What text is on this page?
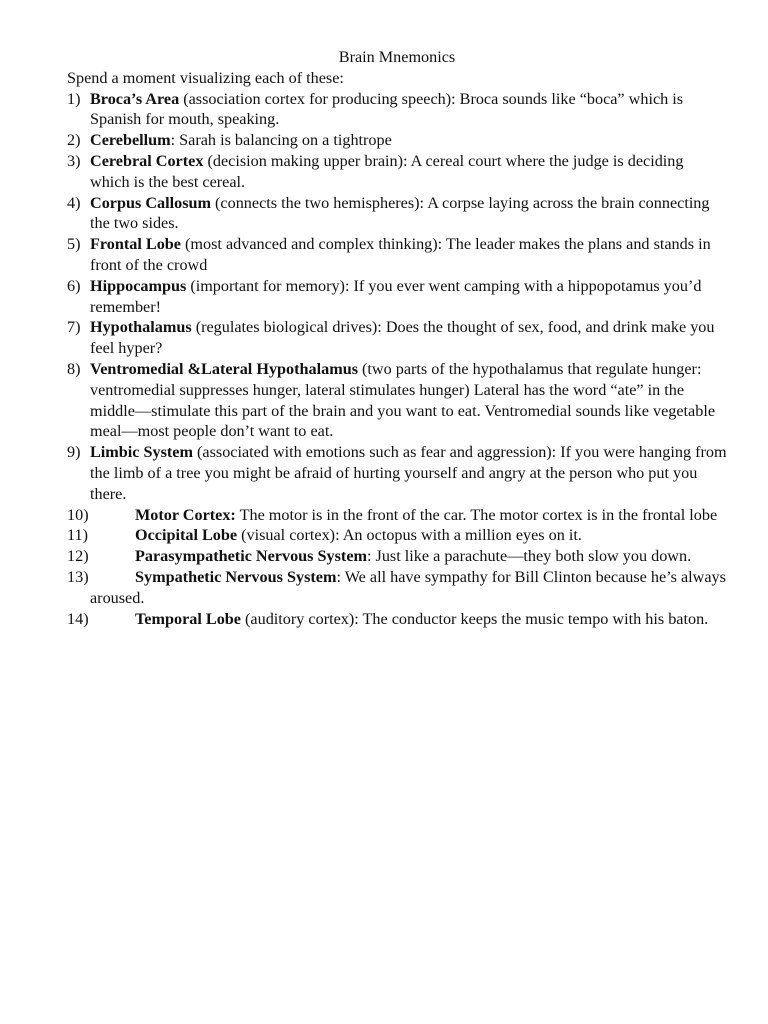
Brain Mnemonics

Spend a moment visualizing each of these:

1) Broca’s Area (association cortex for producing speech): Broca sounds like “boca” which is Spanish for mouth, speaking.
2) Cerebellum: Sarah is balancing on a tightrope
3) Cerebral Cortex (decision making upper brain): A cereal court where the judge is deciding which is the best cereal.
4) Corpus Callosum (connects the two hemispheres): A corpse laying across the brain connecting the two sides.
5) Frontal Lobe (most advanced and complex thinking): The leader makes the plans and stands in front of the crowd
6) Hippocampus (important for memory): If you ever went camping with a hippopotamus you’d remember!
7) Hypothalamus (regulates biological drives): Does the thought of sex, food, and drink make you feel hyper?
8) Ventromedial &Lateral Hypothalamus (two parts of the hypothalamus that regulate hunger: ventromedial suppresses hunger, lateral stimulates hunger) Lateral has the word “ate” in the middle—stimulate this part of the brain and you want to eat. Ventromedial sounds like vegetable meal—most people don’t want to eat.
9) Limbic System (associated with emotions such as fear and aggression): If you were hanging from the limb of a tree you might be afraid of hurting yourself and angry at the person who put you there.
10)	Motor Cortex: The motor is in the front of the car. The motor cortex is in the frontal lobe
11)	Occipital Lobe (visual cortex): An octopus with a million eyes on it.
12)	Parasympathetic Nervous System: Just like a parachute—they both slow you down.
13)	Sympathetic Nervous System: We all have sympathy for Bill Clinton because he’s always aroused.
14)	Temporal Lobe (auditory cortex): The conductor keeps the music tempo with his baton.
